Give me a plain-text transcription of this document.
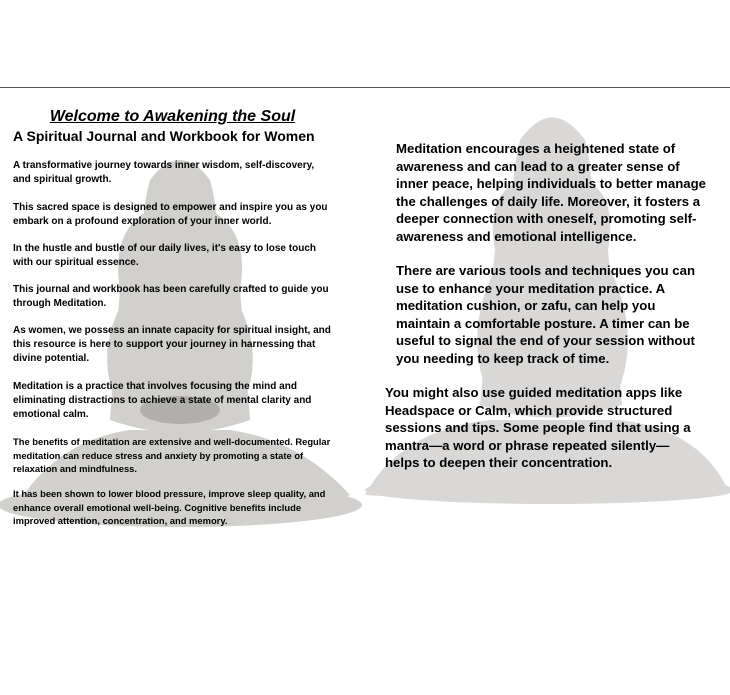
Welcome to Awakening the Soul
A Spiritual Journal and Workbook for Women

A transformative journey towards inner wisdom, self-discovery, and spiritual growth.

This sacred space is designed to empower and inspire you as you embark on a profound exploration of your inner world.

In the hustle and bustle of our daily lives, it's easy to lose touch with our spiritual essence.

This journal and workbook has been carefully crafted to guide you through Meditation.

As women, we possess an innate capacity for spiritual insight, and this resource is here to support your journey in harnessing that divine potential.

Meditation is a practice that involves focusing the mind and eliminating distractions to achieve a state of mental clarity and emotional calm.

The benefits of meditation are extensive and well-documented. Regular meditation can reduce stress and anxiety by promoting a state of relaxation and mindfulness.

It has been shown to lower blood pressure, improve sleep quality, and enhance overall emotional well-being. Cognitive benefits include improved attention, concentration, and memory.

Meditation encourages a heightened state of awareness and can lead to a greater sense of inner peace, helping individuals to better manage the challenges of daily life. Moreover, it fosters a deeper connection with oneself, promoting self-awareness and emotional intelligence.

There are various tools and techniques you can use to enhance your meditation practice. A meditation cushion, or zafu, can help you maintain a comfortable posture. A timer can be useful to signal the end of your session without you needing to keep track of time.

You might also use guided meditation apps like Headspace or Calm, which provide structured sessions and tips. Some people find that using a mantra—a word or phrase repeated silently—helps to deepen their concentration.
